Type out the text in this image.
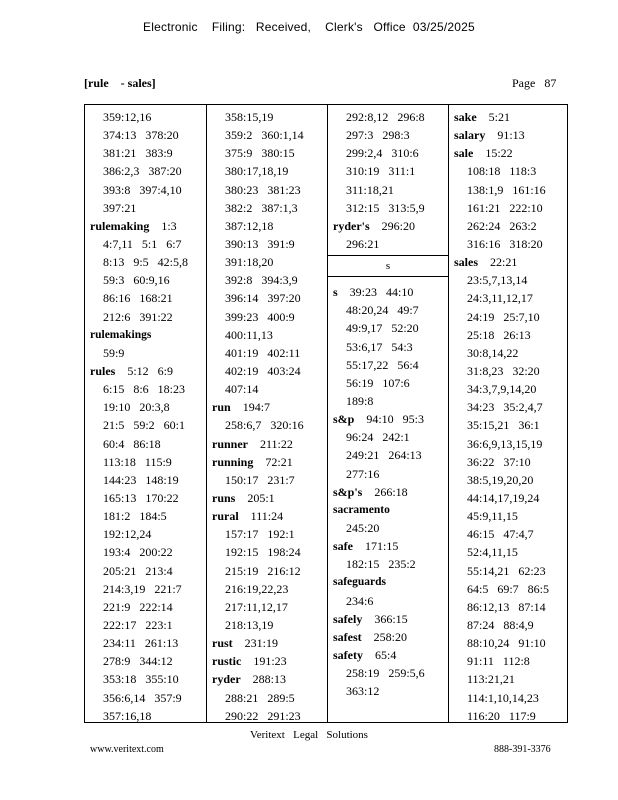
Electronic    Filing:   Received,    Clerk's   Office  03/25/2025
[rule    - sales]	Page   87
359:12,16
374:13   378:20
381:21   383:9
386:2,3   387:20
393:8   397:4,10
397:21
rulemaking 1:3
4:7,11   5:1   6:7
8:13   9:5   42:5,8
59:3   60:9,16
86:16   168:21
212:6   391:22
rulemakings
59:9
rules 5:12   6:9
6:15   8:6   18:23
19:10   20:3,8
21:5   59:2   60:1
60:4   86:18
113:18   115:9
144:23   148:19
165:13   170:22
181:2   184:5
192:12,24
193:4   200:22
205:21   213:4
214:3,19   221:7
221:9   222:14
222:17   223:1
234:11   261:13
278:9   344:12
353:18   355:10
356:6,14   357:9
357:16,18
358:15,19
359:2   360:1,14
375:9   380:15
380:17,18,19
380:23   381:23
382:2   387:1,3
387:12,18
390:13   391:9
391:18,20
392:8   394:3,9
396:14   397:20
399:23   400:9
400:11,13
401:19   402:11
402:19   403:24
407:14
run 194:7
258:6,7   320:16
runner 211:22
running 72:21
150:17   231:7
runs 205:1
rural 111:24
157:17   192:1
192:15   198:24
215:19   216:12
216:19,22,23
217:11,12,17
218:13,19
rust 231:19
rustic 191:23
ryder 288:13
288:21   289:5
290:22   291:23
292:8,12   296:8
297:3   298:3
299:2,4   310:6
310:19   311:1
311:18,21
312:15   313:5,9
ryder's 296:20
296:21
s
s 39:23   44:10
48:20,24   49:7
49:9,17   52:20
53:6,17   54:3
55:17,22   56:4
56:19   107:6
189:8
s&p 94:10   95:3
96:24   242:1
249:21   264:13
277:16
s&p's 266:18
sacramento
245:20
safe 171:15
182:15   235:2
safeguards
234:6
safely 366:15
safest 258:20
safety 65:4
258:19   259:5,6
363:12
sake 5:21
salary 91:13
sale 15:22
108:18   118:3
138:1,9   161:16
161:21   222:10
262:24   263:2
316:16   318:20
sales 22:21
23:5,7,13,14
24:3,11,12,17
24:19   25:7,10
25:18   26:13
30:8,14,22
31:8,23   32:20
34:3,7,9,14,20
34:23   35:2,4,7
35:15,21   36:1
36:6,9,13,15,19
36:22   37:10
38:5,19,20,20
44:14,17,19,24
45:9,11,15
46:15   47:4,7
52:4,11,15
55:14,21   62:23
64:5   69:7   86:5
86:12,13   87:14
87:24   88:4,9
88:10,24   91:10
91:11   112:8
113:21,21
114:1,10,14,23
116:20   117:9
Veritext   Legal   Solutions
www.veritext.com	888-391-3376
